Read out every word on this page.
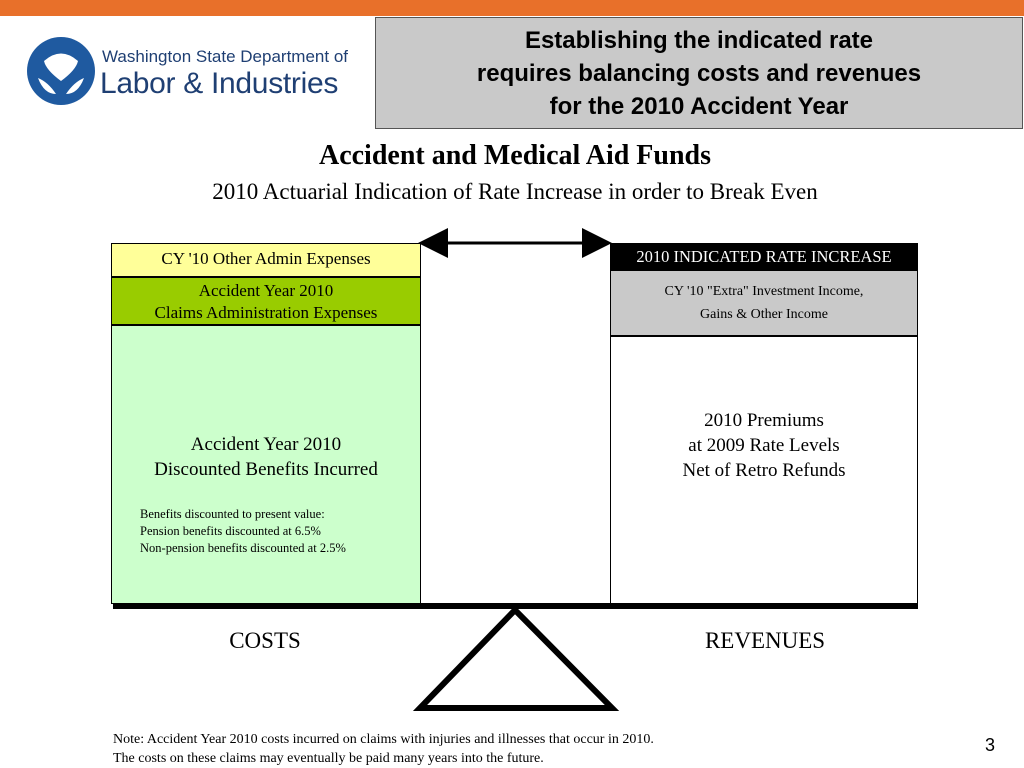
Washington State Department of
Labor & Industries
Establishing the indicated rate
requires balancing costs and revenues
for the 2010 Accident Year
Accident and Medical Aid Funds
2010 Actuarial Indication of Rate Increase in order to Break Even
CY '10 Other Admin Expenses
Accident Year 2010
Claims Administration Expenses
Accident Year 2010
Discounted Benefits Incurred
Benefits discounted to present value:
Pension benefits discounted at 6.5%
Non-pension benefits discounted at 2.5%
2010 INDICATED RATE INCREASE
CY '10 "Extra" Investment Income,
Gains & Other Income
2010 Premiums
at 2009 Rate Levels
Net of Retro Refunds
COSTS	REVENUES
Note: Accident Year 2010 costs incurred on claims with injuries and illnesses that occur in 2010.
The costs on these claims may eventually be paid many years into the future.
3
